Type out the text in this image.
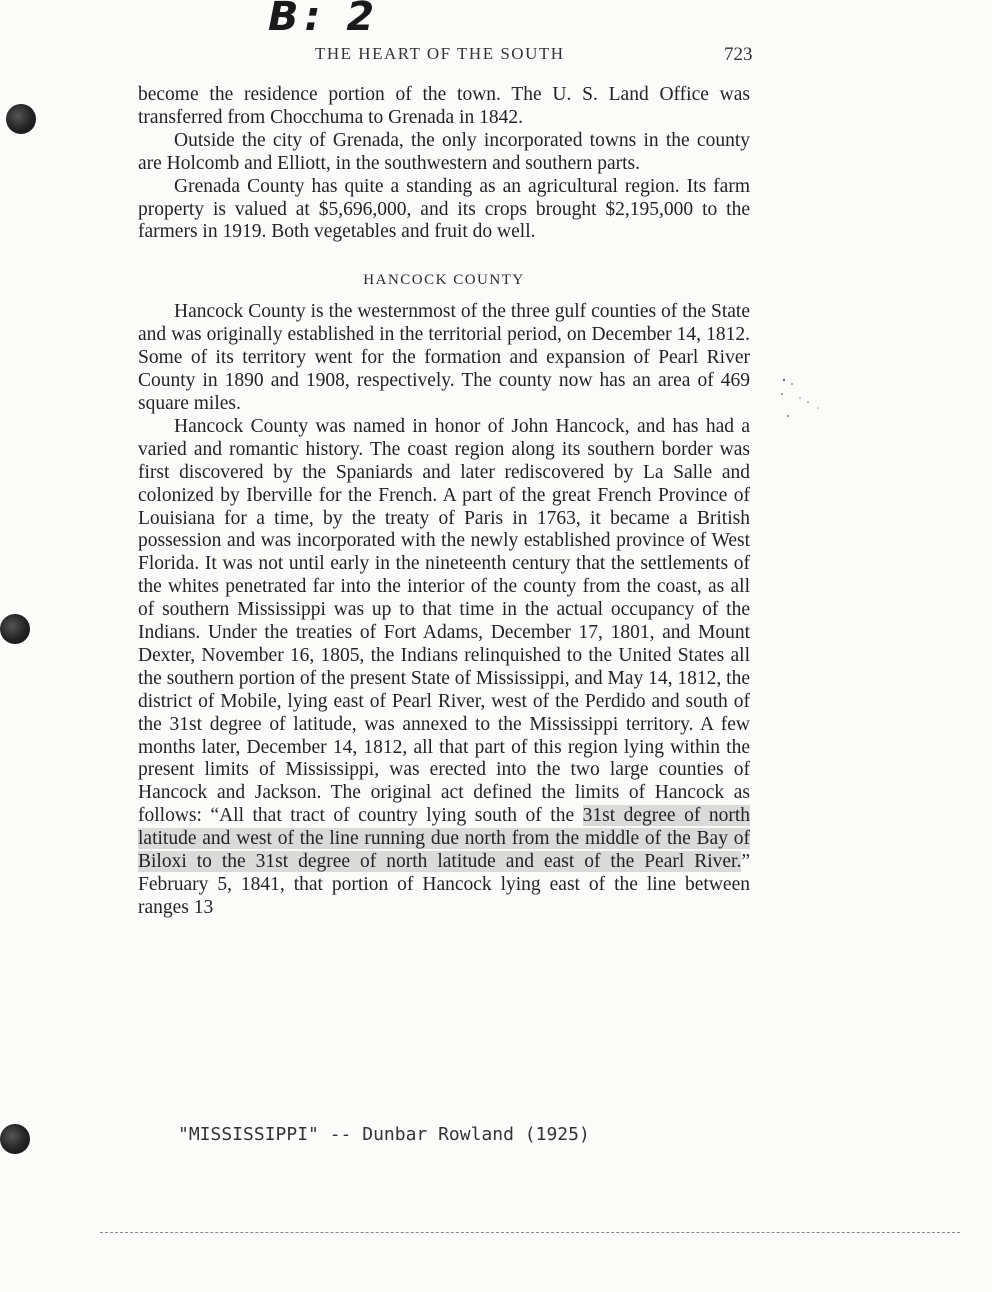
B: 2
THE HEART OF THE SOUTH	723

become the residence portion of the town. The U. S. Land Office was transferred from Chocchuma to Grenada in 1842.

Outside the city of Grenada, the only incorporated towns in the county are Holcomb and Elliott, in the southwestern and southern parts.

Grenada County has quite a standing as an agricultural region. Its farm property is valued at $5,696,000, and its crops brought $2,195,000 to the farmers in 1919. Both vegetables and fruit do well.

HANCOCK COUNTY

Hancock County is the westernmost of the three gulf counties of the State and was originally established in the territorial period, on December 14, 1812. Some of its territory went for the formation and expansion of Pearl River County in 1890 and 1908, respectively. The county now has an area of 469 square miles.

Hancock County was named in honor of John Hancock, and has had a varied and romantic history. The coast region along its southern border was first discovered by the Spaniards and later rediscovered by La Salle and colonized by Iberville for the French. A part of the great French Province of Louisiana for a time, by the treaty of Paris in 1763, it became a British possession and was incorporated with the newly established province of West Florida. It was not until early in the nineteenth century that the settlements of the whites penetrated far into the interior of the county from the coast, as all of southern Mississippi was up to that time in the actual occupancy of the Indians. Under the treaties of Fort Adams, December 17, 1801, and Mount Dexter, November 16, 1805, the Indians relinquished to the United States all the southern portion of the present State of Mississippi, and May 14, 1812, the district of Mobile, lying east of Pearl River, west of the Perdido and south of the 31st degree of latitude, was annexed to the Mississippi territory. A few months later, December 14, 1812, all that part of this region lying within the present limits of Mississippi, was erected into the two large counties of Hancock and Jackson. The original act defined the limits of Hancock as follows: “All that tract of country lying south of the 31st degree of north latitude and west of the line running due north from the middle of the Bay of Biloxi to the 31st degree of north latitude and east of the Pearl River.” February 5, 1841, that portion of Hancock lying east of the line between ranges 13

"MISSISSIPPI" -- Dunbar Rowland (1925)
